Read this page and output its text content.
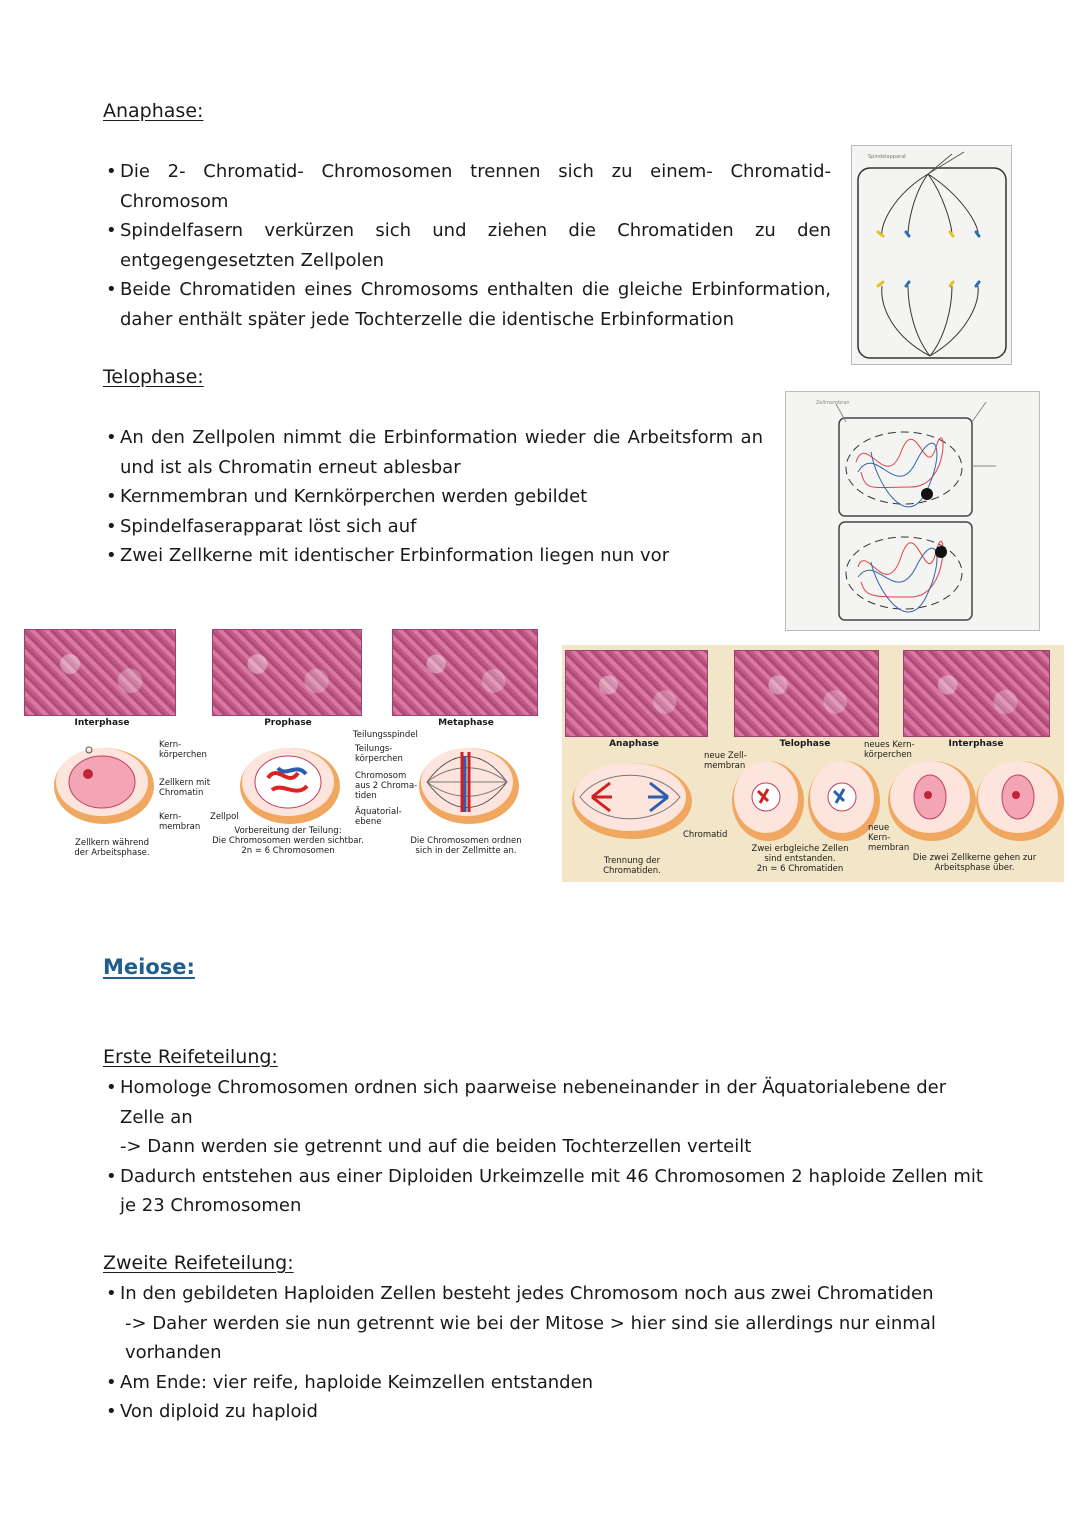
Anaphase:
• Die 2- Chromatid- Chromosomen trennen sich zu einem- Chromatid- Chromosom
• Spindelfasern verkürzen sich und ziehen die Chromatiden zu den entgegengesetzten Zellpolen
• Beide Chromatiden eines Chromosoms enthalten die gleiche Erbinformation, daher enthält später jede Tochterzelle die identische Erbinformation
Spindelapparat
Telophase:
• An den Zellpolen nimmt die Erbinformation wieder die Arbeitsform an und ist als Chromatin erneut ablesbar
• Kernmembran und Kernkörperchen werden gebildet
• Spindelfaserapparat löst sich auf
• Zwei Zellkerne mit identischer Erbinformation liegen nun vor
Zellmembran
Interphase	Prophase	Metaphase
Kern-
körperchen
Zellkern mit
Chromatin
Kern-
membran
Zellpol
Teilungsspindel
Teilungs-
körperchen
Chromosom
aus 2 Chroma-
tiden
Äquatorial-
ebene
Zellkern während
der Arbeitsphase.
Vorbereitung der Teilung:
Die Chromosomen werden sichtbar.
2n = 6 Chromosomen
Die Chromosomen ordnen
sich in der Zellmitte an.
Anaphase	Telophase	Interphase
neue Zell-
membran
Chromatid
neues Kern-
körperchen
neue
Kern-
membran
Trennung der
Chromatiden.
Zwei erbgleiche Zellen
sind entstanden.
2n = 6 Chromatiden
Die zwei Zellkerne gehen zur
Arbeitsphase über.
Meiose:
Erste Reifeteilung:
• Homologe Chromosomen ordnen sich paarweise nebeneinander in der Äquatorialebene der Zelle an
-> Dann werden sie getrennt und auf die beiden Tochterzellen verteilt
• Dadurch entstehen aus einer Diploiden Urkeimzelle mit 46 Chromosomen 2 haploide Zellen mit je 23 Chromosomen
Zweite Reifeteilung:
• In den gebildeten Haploiden Zellen besteht jedes Chromosom noch aus zwei Chromatiden
-> Daher werden sie nun getrennt wie bei der Mitose > hier sind sie allerdings nur einmal vorhanden
• Am Ende: vier reife, haploide Keimzellen entstanden
• Von diploid zu haploid
